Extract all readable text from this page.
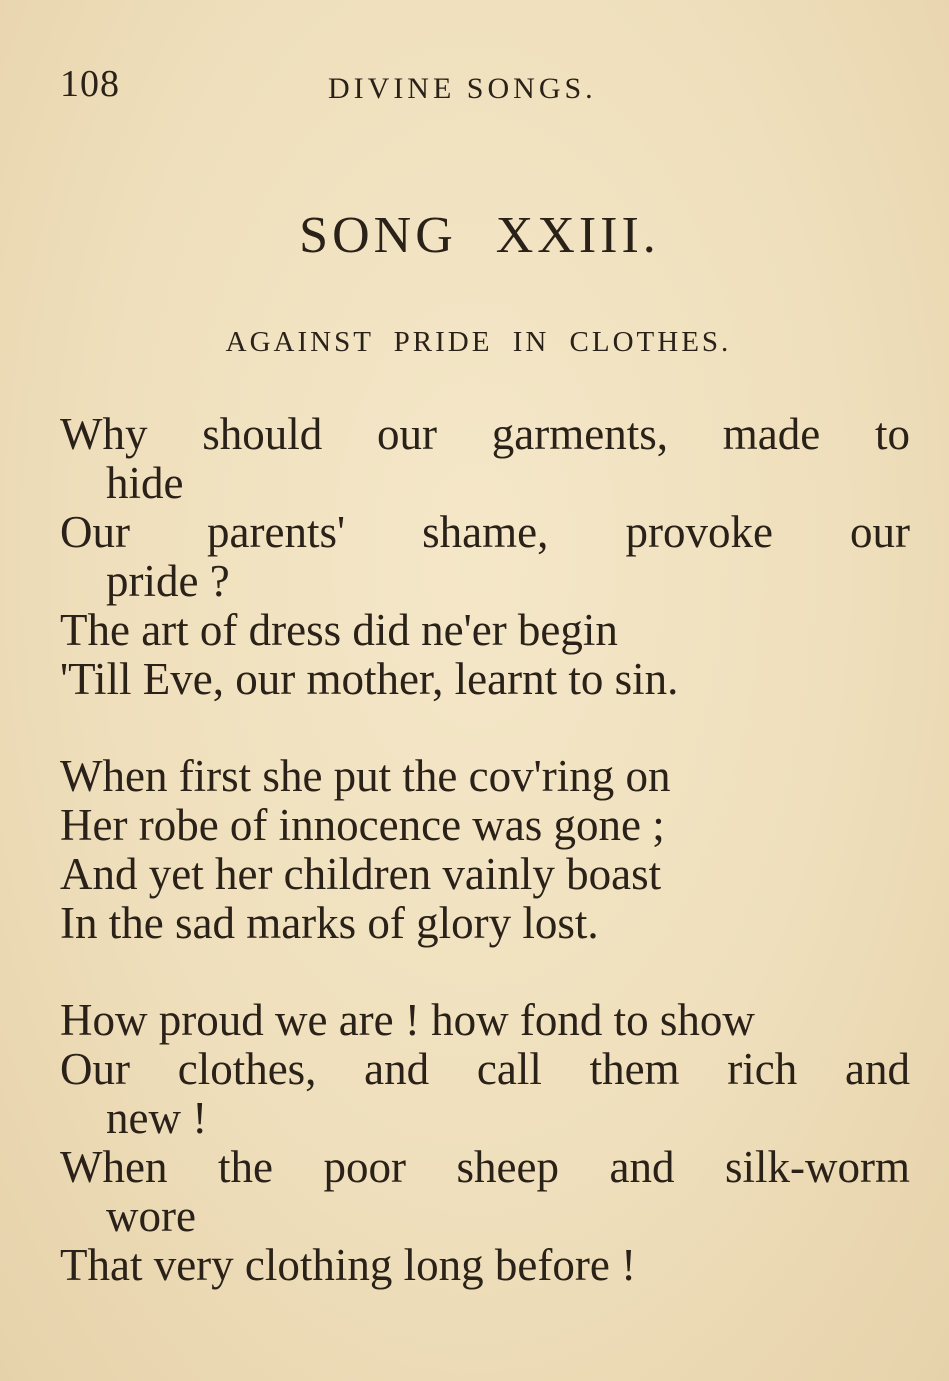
108	DIVINE SONGS.
SONG XXIII.
AGAINST PRIDE IN CLOTHES.
Why should our garments, made to
hide
Our parents' shame, provoke our
pride ?
The art of dress did ne'er begin
'Till Eve, our mother, learnt to sin.
When first she put the cov'ring on
Her robe of innocence was gone ;
And yet her children vainly boast
In the sad marks of glory lost.
How proud we are ! how fond to show
Our clothes, and call them rich and
new !
When the poor sheep and silk-worm
wore
That very clothing long before !
